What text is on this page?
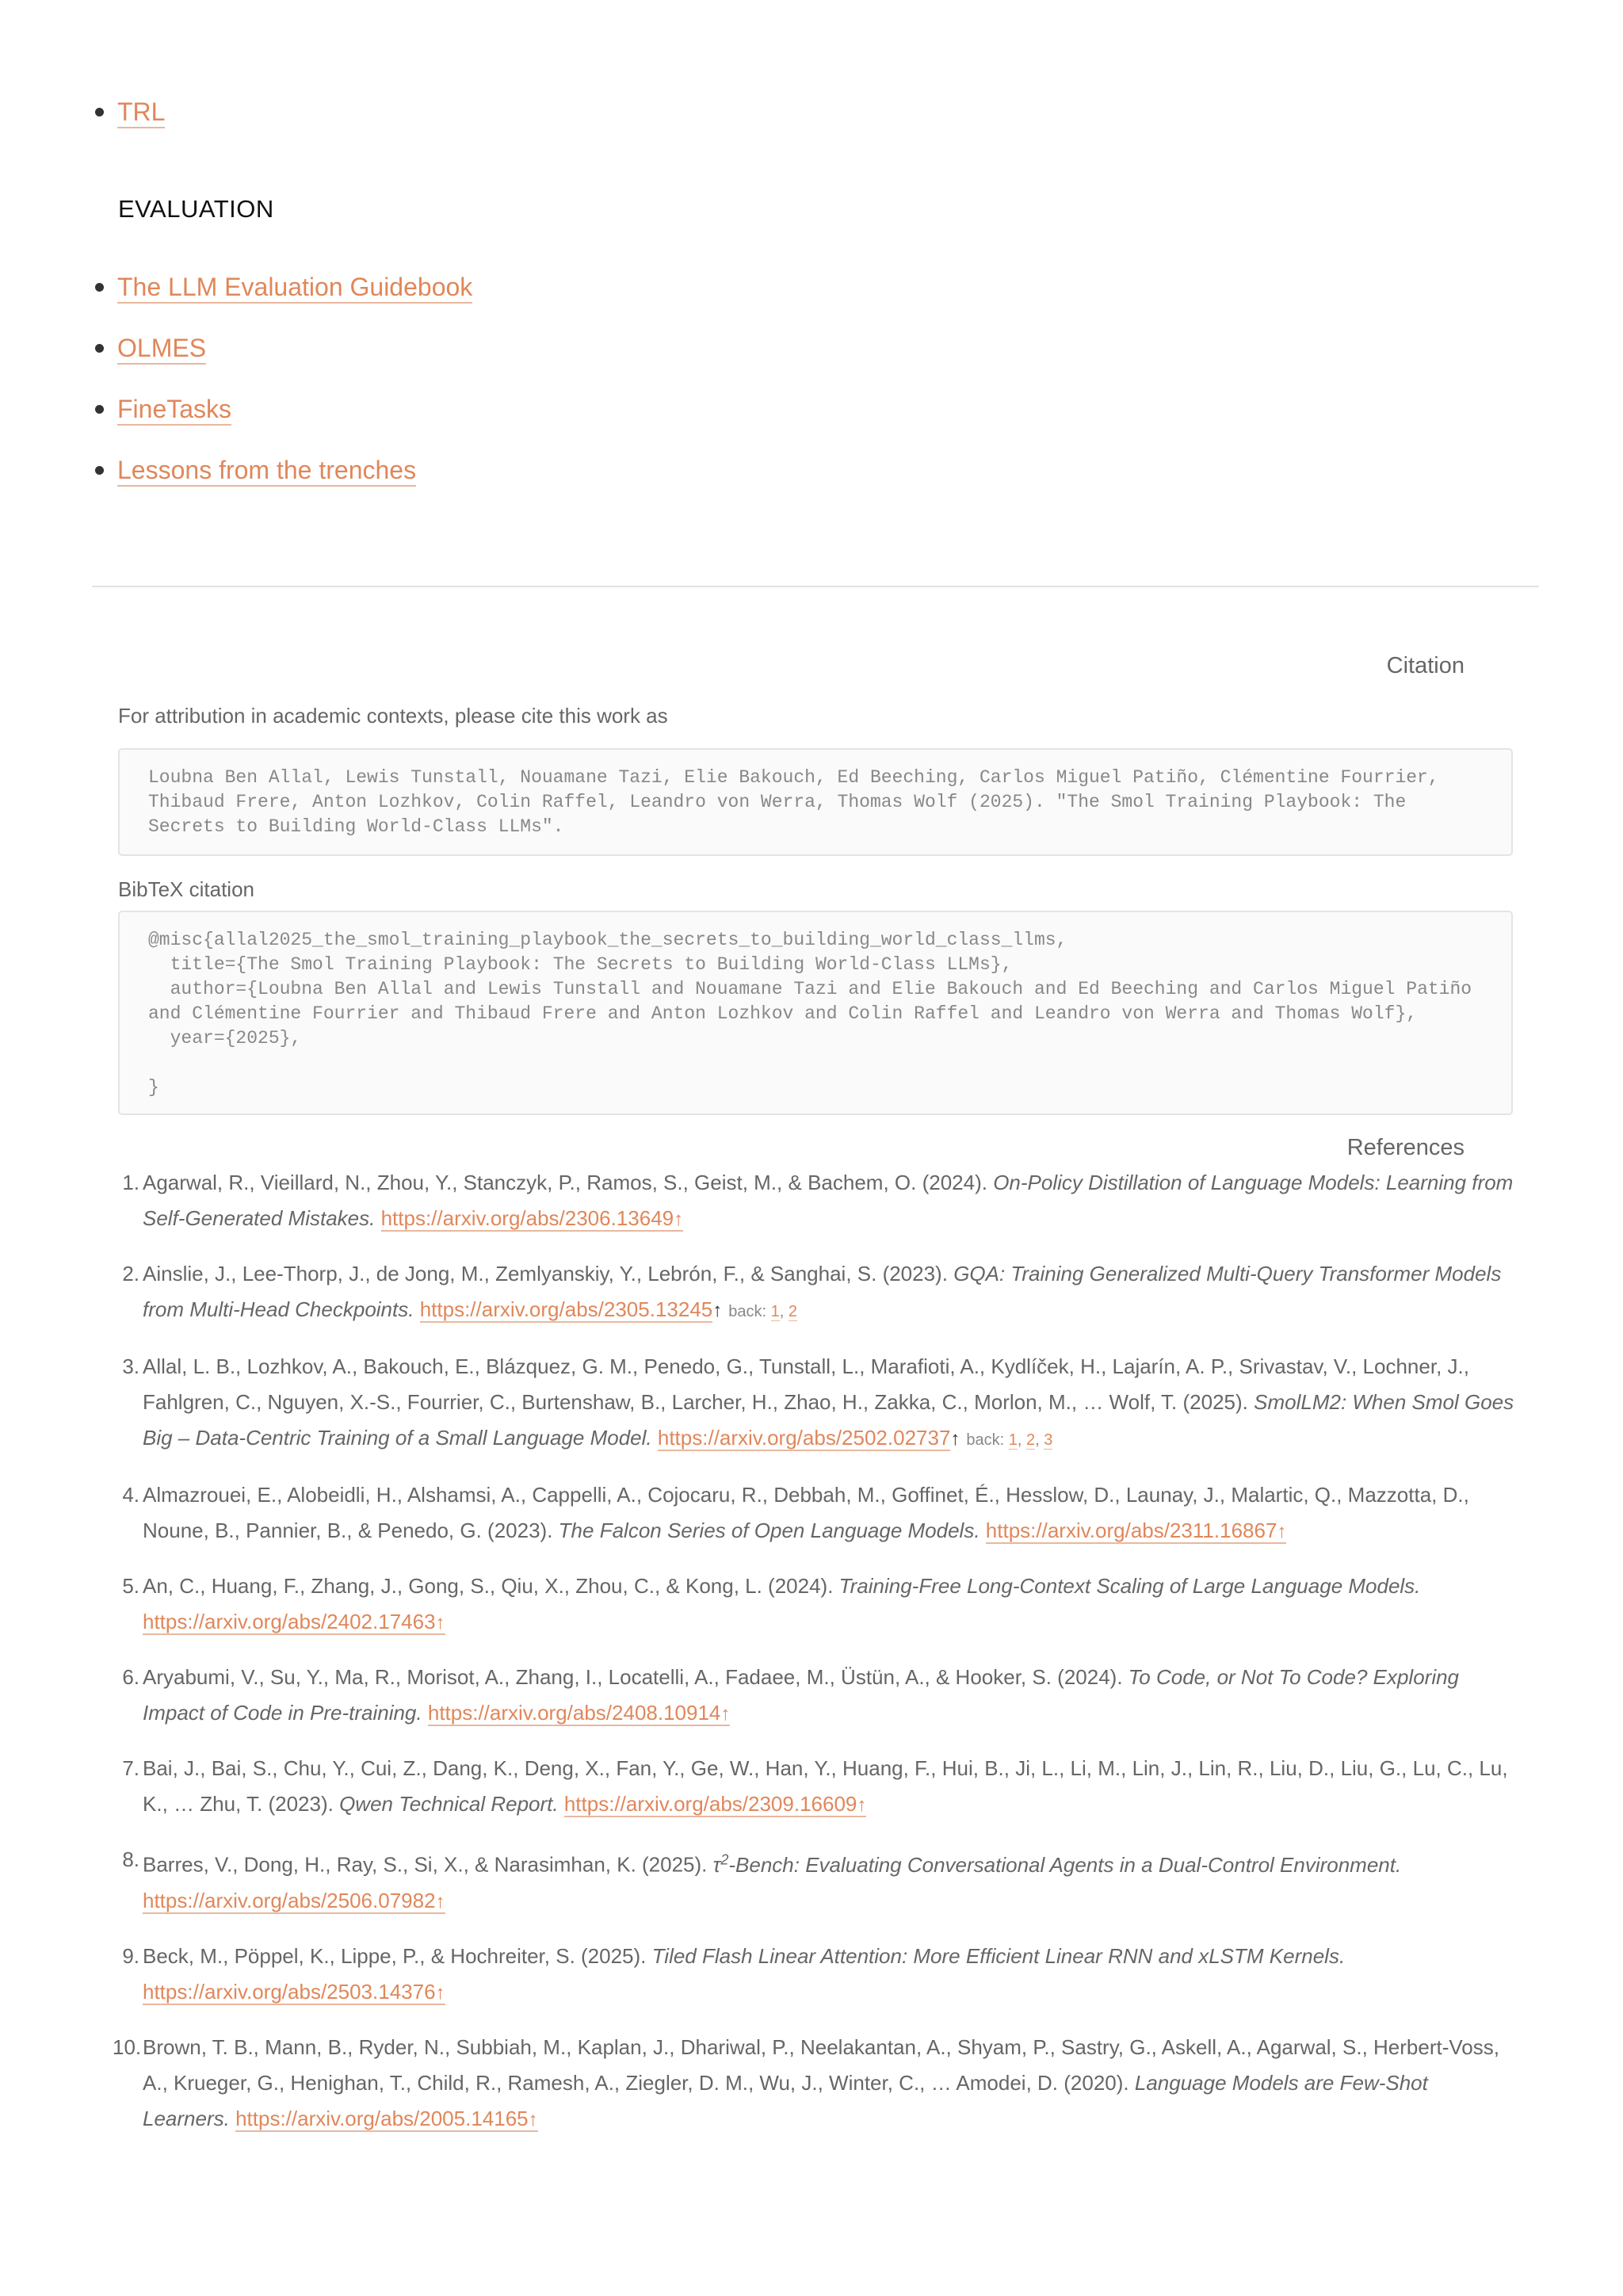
TRL
EVALUATION
The LLM Evaluation Guidebook
OLMES
FineTasks
Lessons from the trenches
Citation
For attribution in academic contexts, please cite this work as
Loubna Ben Allal, Lewis Tunstall, Nouamane Tazi, Elie Bakouch, Ed Beeching, Carlos Miguel Patiño, Clémentine Fourrier, Thibaud Frere, Anton Lozhkov, Colin Raffel, Leandro von Werra, Thomas Wolf (2025). "The Smol Training Playbook: The Secrets to Building World-Class LLMs".
BibTeX citation
@misc{allal2025_the_smol_training_playbook_the_secrets_to_building_world_class_llms,
title={The Smol Training Playbook: The Secrets to Building World-Class LLMs},
author={Loubna Ben Allal and Lewis Tunstall and Nouamane Tazi and Elie Bakouch and Ed Beeching and Carlos Miguel Patiño and Clémentine Fourrier and Thibaud Frere and Anton Lozhkov and Colin Raffel and Leandro von Werra and Thomas Wolf},
year={2025},

}
References
1. Agarwal, R., Vieillard, N., Zhou, Y., Stanczyk, P., Ramos, S., Geist, M., & Bachem, O. (2024). On-Policy Distillation of Language Models: Learning from Self-Generated Mistakes. https://arxiv.org/abs/2306.13649↑
2. Ainslie, J., Lee-Thorp, J., de Jong, M., Zemlyanskiy, Y., Lebrón, F., & Sanghai, S. (2023). GQA: Training Generalized Multi-Query Transformer Models from Multi-Head Checkpoints. https://arxiv.org/abs/2305.13245↑ back: 1, 2
3. Allal, L. B., Lozhkov, A., Bakouch, E., Blázquez, G. M., Penedo, G., Tunstall, L., Marafioti, A., Kydlíček, H., Lajarín, A. P., Srivastav, V., Lochner, J., Fahlgren, C., Nguyen, X.-S., Fourrier, C., Burtenshaw, B., Larcher, H., Zhao, H., Zakka, C., Morlon, M., … Wolf, T. (2025). SmolLM2: When Smol Goes Big – Data-Centric Training of a Small Language Model. https://arxiv.org/abs/2502.02737↑ back: 1, 2, 3
4. Almazrouei, E., Alobeidli, H., Alshamsi, A., Cappelli, A., Cojocaru, R., Debbah, M., Goffinet, É., Hesslow, D., Launay, J., Malartic, Q., Mazzotta, D., Noune, B., Pannier, B., & Penedo, G. (2023). The Falcon Series of Open Language Models. https://arxiv.org/abs/2311.16867↑
5. An, C., Huang, F., Zhang, J., Gong, S., Qiu, X., Zhou, C., & Kong, L. (2024). Training-Free Long-Context Scaling of Large Language Models. https://arxiv.org/abs/2402.17463↑
6. Aryabumi, V., Su, Y., Ma, R., Morisot, A., Zhang, I., Locatelli, A., Fadaee, M., Üstün, A., & Hooker, S. (2024). To Code, or Not To Code? Exploring Impact of Code in Pre-training. https://arxiv.org/abs/2408.10914↑
7. Bai, J., Bai, S., Chu, Y., Cui, Z., Dang, K., Deng, X., Fan, Y., Ge, W., Han, Y., Huang, F., Hui, B., Ji, L., Li, M., Lin, J., Lin, R., Liu, D., Liu, G., Lu, C., Lu, K., … Zhu, T. (2023). Qwen Technical Report. https://arxiv.org/abs/2309.16609↑
8. Barres, V., Dong, H., Ray, S., Si, X., & Narasimhan, K. (2025). $\tau^2$-Bench: Evaluating Conversational Agents in a Dual-Control Environment. https://arxiv.org/abs/2506.07982↑
9. Beck, M., Pöppel, K., Lippe, P., & Hochreiter, S. (2025). Tiled Flash Linear Attention: More Efficient Linear RNN and xLSTM Kernels. https://arxiv.org/abs/2503.14376↑
10. Brown, T. B., Mann, B., Ryder, N., Subbiah, M., Kaplan, J., Dhariwal, P., Neelakantan, A., Shyam, P., Sastry, G., Askell, A., Agarwal, S., Herbert-Voss, A., Krueger, G., Henighan, T., Child, R., Ramesh, A., Ziegler, D. M., Wu, J., Winter, C., … Amodei, D. (2020). Language Models are Few-Shot Learners. https://arxiv.org/abs/2005.14165↑
